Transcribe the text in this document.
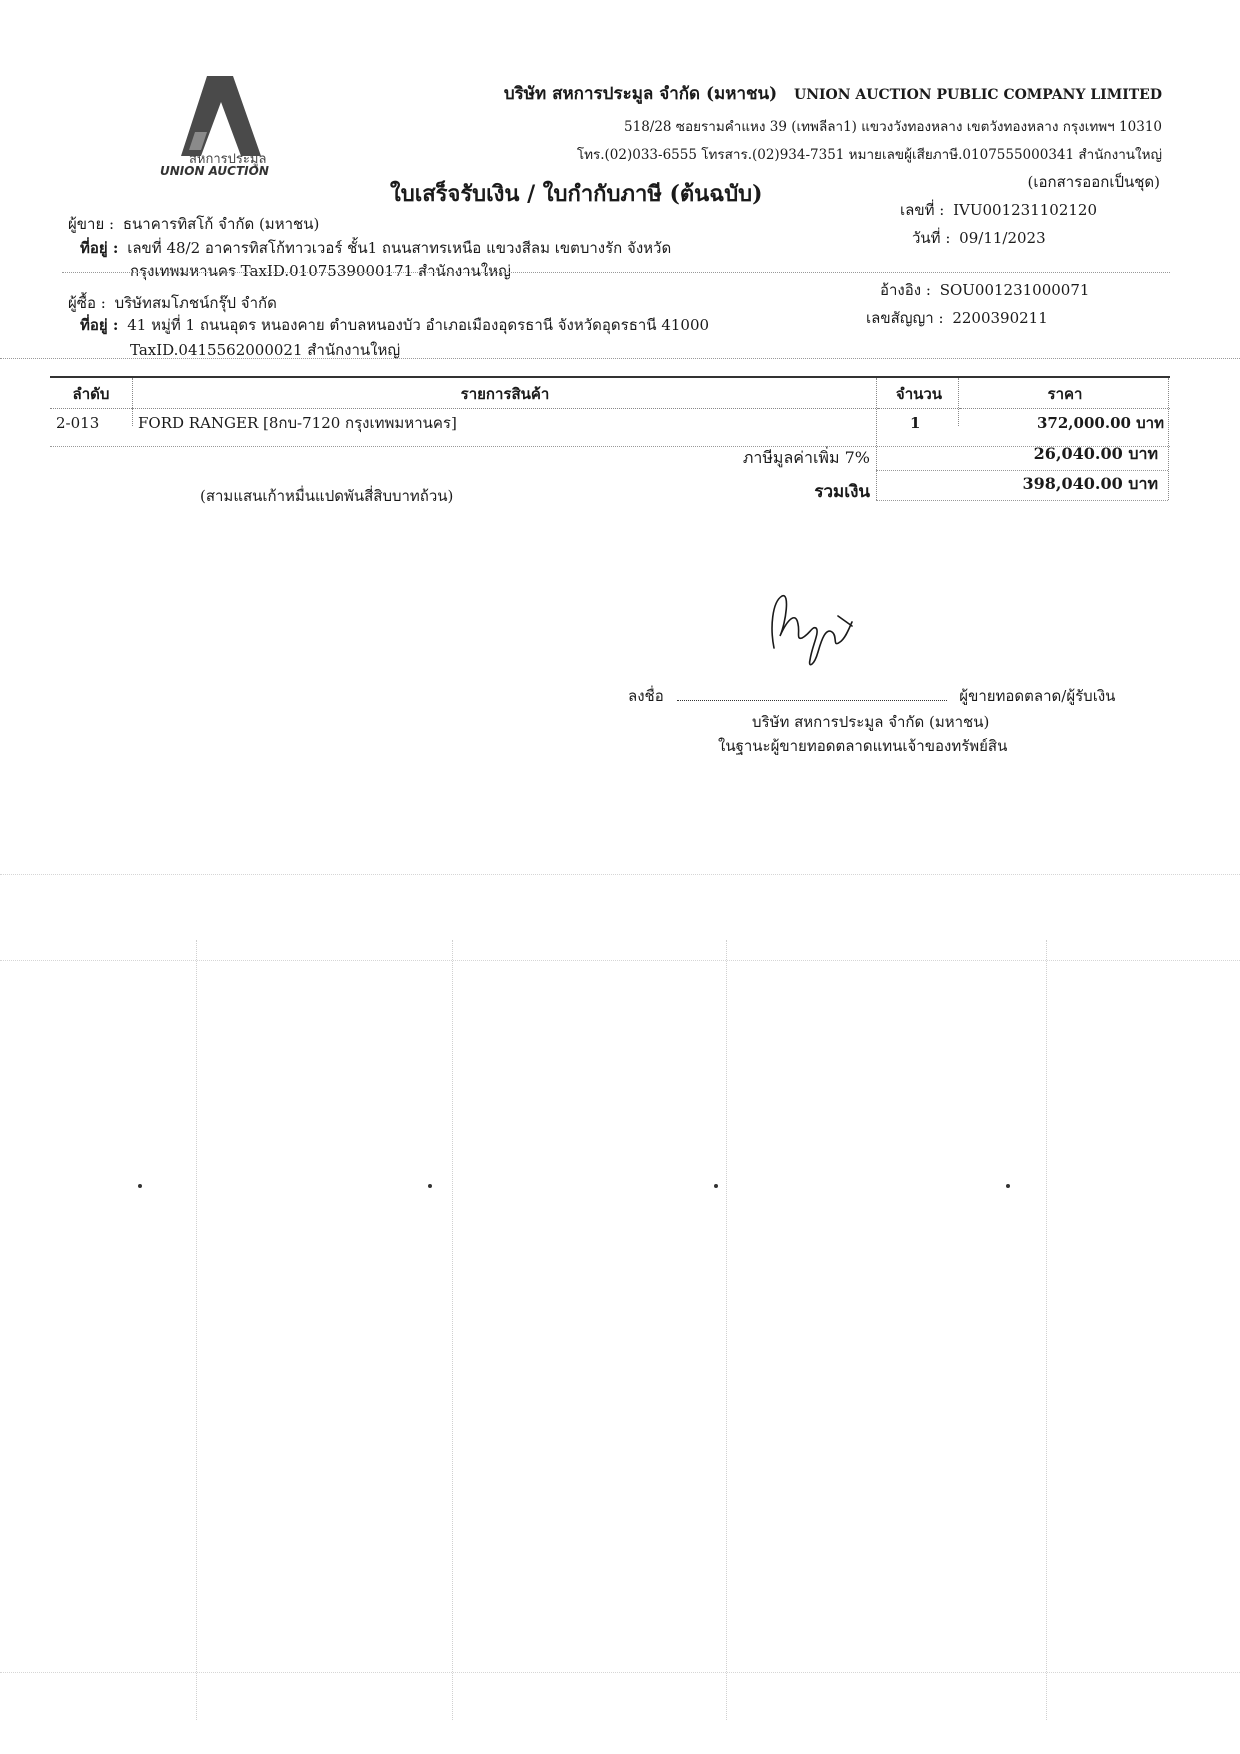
สหการประมูล
UNION AUCTION
บริษัท สหการประมูล จำกัด (มหาชน) UNION AUCTION PUBLIC COMPANY LIMITED
518/28 ซอยรามคำแหง 39 (เทพลีลา1) แขวงวังทองหลาง เขตวังทองหลาง กรุงเทพฯ 10310
โทร.(02)033-6555 โทรสาร.(02)934-7351 หมายเลขผู้เสียภาษี.0107555000341 สำนักงานใหญ่
ใบเสร็จรับเงิน / ใบกำกับภาษี (ต้นฉบับ)	(เอกสารออกเป็นชุด)
เลขที่ : IVU001231102120
วันที่ : 09/11/2023
ผู้ขาย : ธนาคารทิสโก้ จำกัด (มหาชน)
ที่อยู่ : เลขที่ 48/2 อาคารทิสโก้ทาวเวอร์ ชั้น1 ถนนสาทรเหนือ แขวงสีลม เขตบางรัก จังหวัด
กรุงเทพมหานคร TaxID.0107539000171 สำนักงานใหญ่
ผู้ซื้อ : บริษัทสมโภชน์กรุ๊ป จำกัด
ที่อยู่ : 41 หมู่ที่ 1 ถนนอุดร หนองคาย ตำบลหนองบัว อำเภอเมืองอุดรธานี จังหวัดอุดรธานี 41000
TaxID.0415562000021 สำนักงานใหญ่
อ้างอิง : SOU001231000071
เลขสัญญา : 2200390211
ลำดับ	รายการสินค้า	จำนวน	ราคา
2-013	FORD RANGER [8กบ-7120 กรุงเทพมหานคร]	1	372,000.00 บาท
ภาษีมูลค่าเพิ่ม 7%	26,040.00 บาท
(สามแสนเก้าหมื่นแปดพันสี่สิบบาทถ้วน)	รวมเงิน	398,040.00 บาท
ลงชื่อ	ผู้ขายทอดตลาด/ผู้รับเงิน
บริษัท สหการประมูล จำกัด (มหาชน)
ในฐานะผู้ขายทอดตลาดแทนเจ้าของทรัพย์สิน
